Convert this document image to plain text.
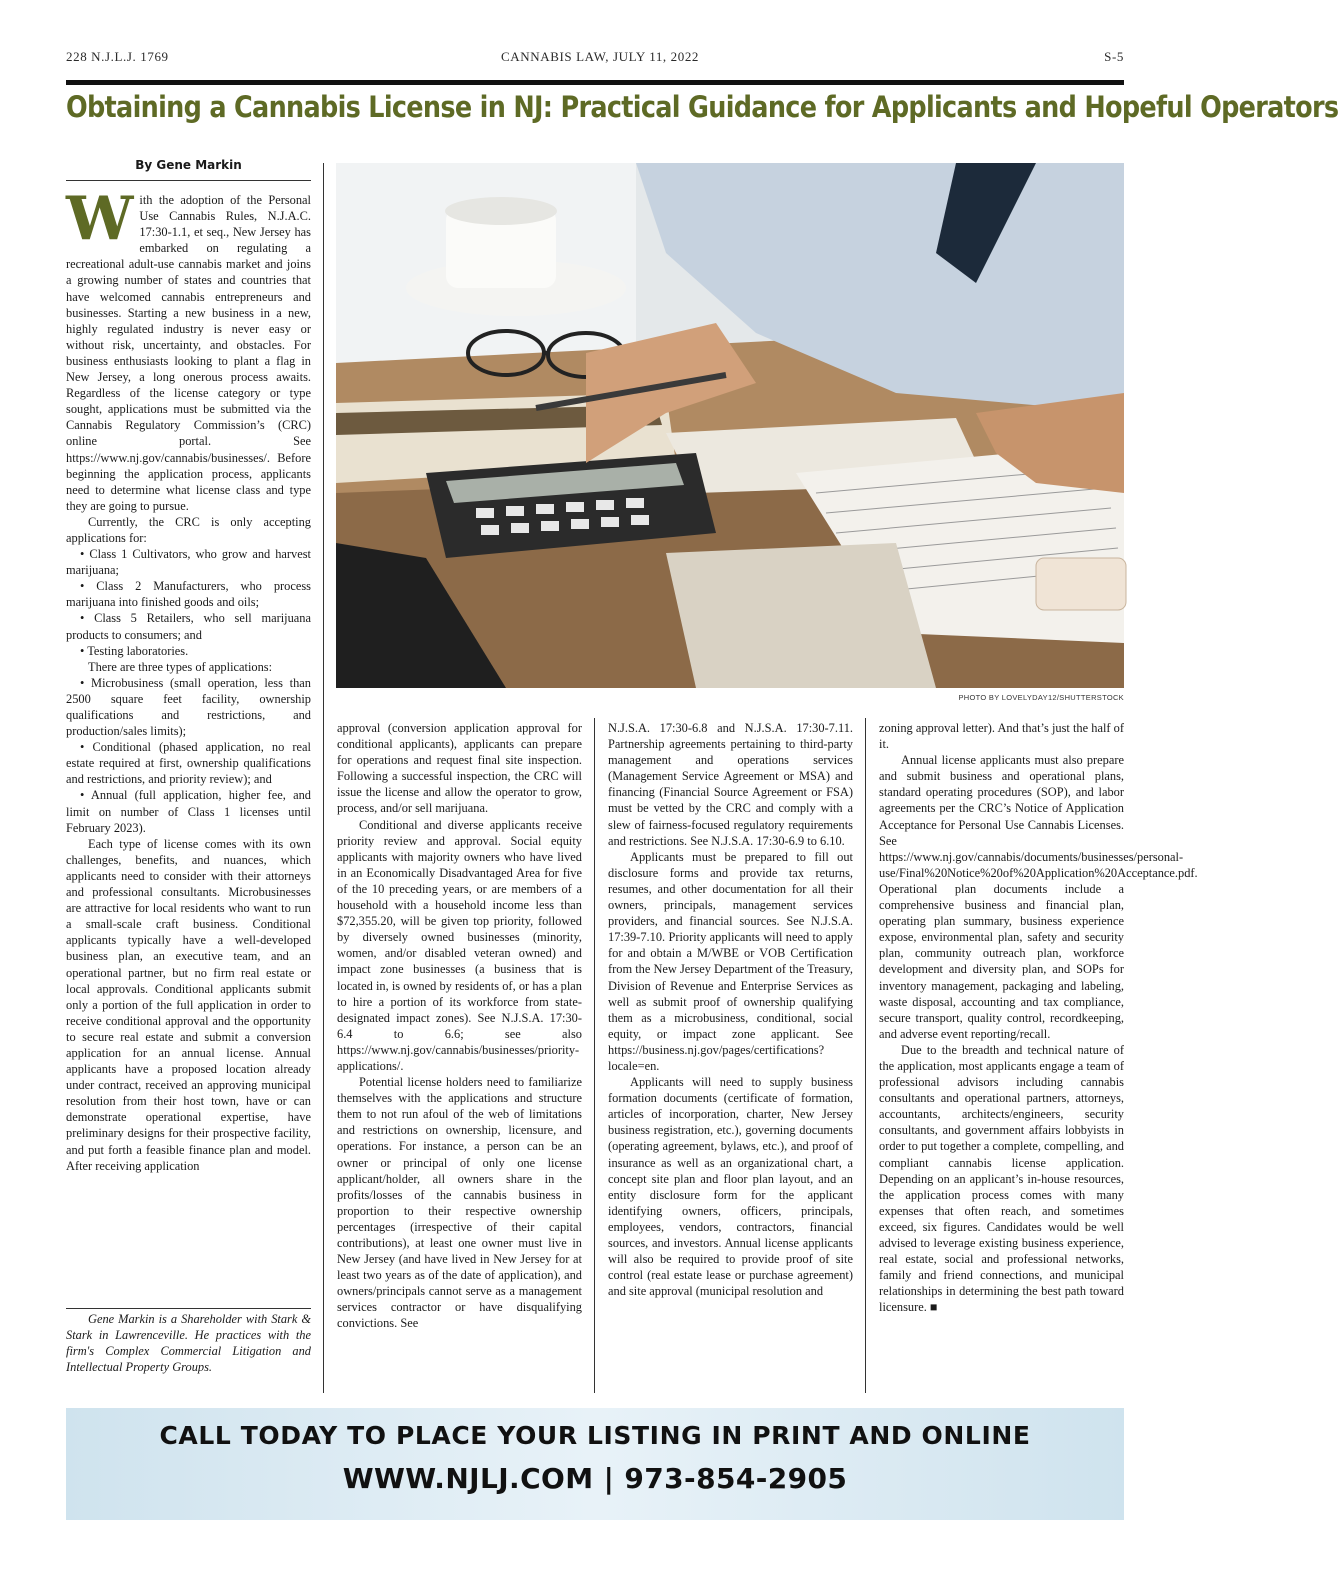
228 N.J.L.J. 1769	CANNABIS LAW, JULY 11, 2022	S-5
Obtaining a Cannabis License in NJ: Practical Guidance for Applicants and Hopeful Operators
By Gene Markin
W ith the adoption of the Personal Use Cannabis Rules, N.J.A.C. 17:30-1.1, et seq., New Jersey has embarked on regulating a recreational adult-use cannabis market and joins a growing number of states and countries that have welcomed cannabis entrepreneurs and businesses. Starting a new business in a new, highly regulated industry is never easy or without risk, uncertainty, and obstacles. For business enthusiasts looking to plant a flag in New Jersey, a long onerous process awaits. Regardless of the license category or type sought, applications must be submitted via the Cannabis Regulatory Commission’s (CRC) online portal. See https://www.nj.gov/cannabis/businesses/. Before beginning the application process, applicants need to determine what license class and type they are going to pursue.

Currently, the CRC is only accepting applications for:

• Class 1 Cultivators, who grow and harvest marijuana;

• Class 2 Manufacturers, who process marijuana into finished goods and oils;

• Class 5 Retailers, who sell marijuana products to consumers; and

• Testing laboratories.

There are three types of applications:

• Microbusiness (small operation, less than 2500 square feet facility, ownership qualifications and restrictions, and production/sales limits);

• Conditional (phased application, no real estate required at first, ownership qualifications and restrictions, and priority review); and

• Annual (full application, higher fee, and limit on number of Class 1 licenses until February 2023).

Each type of license comes with its own challenges, benefits, and nuances, which applicants need to consider with their attorneys and professional consultants. Microbusinesses are attractive for local residents who want to run a small-scale craft business. Conditional applicants typically have a well-developed business plan, an executive team, and an operational partner, but no firm real estate or local approvals. Conditional applicants submit only a portion of the full application in order to receive conditional approval and the opportunity to secure real estate and submit a conversion application for an annual license. Annual applicants have a proposed location already under contract, received an approving municipal resolution from their host town, have or can demonstrate operational expertise, have preliminary designs for their prospective facility, and put forth a feasible finance plan and model. After receiving application

Gene Markin is a Shareholder with Stark & Stark in Lawrenceville. He practices with the firm's Complex Commercial Litigation and Intellectual Property Groups.
PHOTO BY LOVELYDAY12/SHUTTERSTOCK

approval (conversion application approval for conditional applicants), applicants can prepare for operations and request final site inspection. Following a successful inspection, the CRC will issue the license and allow the operator to grow, process, and/or sell marijuana.

Conditional and diverse applicants receive priority review and approval. Social equity applicants with majority owners who have lived in an Economically Disadvantaged Area for five of the 10 preceding years, or are members of a household with a household income less than $72,355.20, will be given top priority, followed by diversely owned businesses (minority, women, and/or disabled veteran owned) and impact zone businesses (a business that is located in, is owned by residents of, or has a plan to hire a portion of its workforce from state-designated impact zones). See N.J.S.A. 17:30-6.4 to 6.6; see also https://www.nj.gov/cannabis/businesses/priority-applications/.

Potential license holders need to familiarize themselves with the applications and structure them to not run afoul of the web of limitations and restrictions on ownership, licensure, and operations. For instance, a person can be an owner or principal of only one license applicant/holder, all owners share in the profits/losses of the cannabis business in proportion to their respective ownership percentages (irrespective of their capital contributions), at least one owner must live in New Jersey (and have lived in New Jersey for at least two years as of the date of application), and owners/principals cannot serve as a management services contractor or have disqualifying convictions. See

N.J.S.A. 17:30-6.8 and N.J.S.A. 17:30-7.11. Partnership agreements pertaining to third-party management and operations services (Management Service Agreement or MSA) and financing (Financial Source Agreement or FSA) must be vetted by the CRC and comply with a slew of fairness-focused regulatory requirements and restrictions. See N.J.S.A. 17:30-6.9 to 6.10.

Applicants must be prepared to fill out disclosure forms and provide tax returns, resumes, and other documentation for all their owners, principals, management services providers, and financial sources. See N.J.S.A. 17:39-7.10. Priority applicants will need to apply for and obtain a M/WBE or VOB Certification from the New Jersey Department of the Treasury, Division of Revenue and Enterprise Services as well as submit proof of ownership qualifying them as a microbusiness, conditional, social equity, or impact zone applicant. See https://business.nj.gov/pages/certifications?locale=en.

Applicants will need to supply business formation documents (certificate of formation, articles of incorporation, charter, New Jersey business registration, etc.), governing documents (operating agreement, bylaws, etc.), and proof of insurance as well as an organizational chart, a concept site plan and floor plan layout, and an entity disclosure form for the applicant identifying owners, officers, principals, employees, vendors, contractors, financial sources, and investors. Annual license applicants will also be required to provide proof of site control (real estate lease or purchase agreement) and site approval (municipal resolution and

zoning approval letter). And that’s just the half of it.

Annual license applicants must also prepare and submit business and operational plans, standard operating procedures (SOP), and labor agreements per the CRC’s Notice of Application Acceptance for Personal Use Cannabis Licenses. See https://www.nj.gov/cannabis/documents/businesses/personal-use/Final%20Notice%20of%20Application%20Acceptance.pdf. Operational plan documents include a comprehensive business and financial plan, operating plan summary, business experience expose, environmental plan, safety and security plan, community outreach plan, workforce development and diversity plan, and SOPs for inventory management, packaging and labeling, waste disposal, accounting and tax compliance, secure transport, quality control, recordkeeping, and adverse event reporting/recall.

Due to the breadth and technical nature of the application, most applicants engage a team of professional advisors including cannabis consultants and operational partners, attorneys, accountants, architects/engineers, security consultants, and government affairs lobbyists in order to put together a complete, compelling, and compliant cannabis license application. Depending on an applicant’s in-house resources, the application process comes with many expenses that often reach, and sometimes exceed, six figures. Candidates would be well advised to leverage existing business experience, real estate, social and professional networks, family and friend connections, and municipal relationships in determining the best path toward licensure. ■

CALL TODAY TO PLACE YOUR LISTING IN PRINT AND ONLINE
WWW.NJLJ.COM | 973-854-2905
